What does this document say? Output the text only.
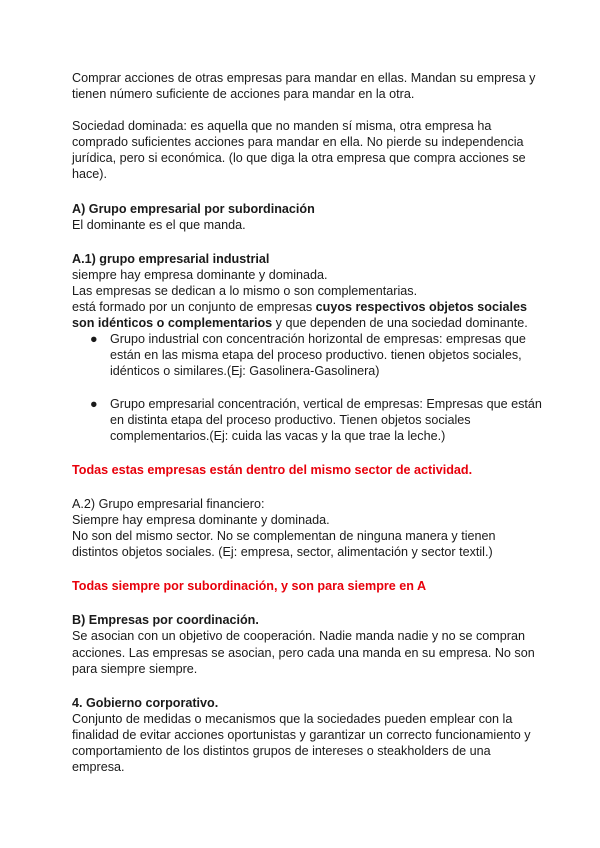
Comprar acciones de otras empresas para mandar en ellas. Mandan su empresa y tienen número suficiente de acciones para mandar en la otra.

Sociedad dominada: es aquella que no manden sí misma, otra empresa ha comprado suficientes acciones para mandar en ella. No pierde su independencia jurídica, pero si económica. (lo que diga la otra empresa que compra acciones se hace).

A) Grupo empresarial por subordinación

El dominante es el que manda.

A.1) grupo empresarial industrial

siempre hay empresa dominante y dominada.

Las empresas se dedican a lo mismo o son complementarias.

está formado por un conjunto de empresas cuyos respectivos objetos sociales son idénticos o complementarios y que dependen de una sociedad dominante.

● Grupo industrial con concentración horizontal de empresas: empresas que están en las misma etapa del proceso productivo. tienen objetos sociales, idénticos o similares.(Ej: Gasolinera-Gasolinera)
● Grupo empresarial concentración, vertical de empresas: Empresas que están en distinta etapa del proceso productivo. Tienen objetos sociales complementarios.(Ej: cuida las vacas y la que trae la leche.)

Todas estas empresas están dentro del mismo sector de actividad.

A.2) Grupo empresarial financiero:

Siempre hay empresa dominante y dominada.

No son del mismo sector. No se complementan de ninguna manera y tienen distintos objetos sociales. (Ej: empresa, sector, alimentación y sector textil.)

Todas siempre por subordinación, y son para siempre en A

B) Empresas por coordinación.

Se asocian con un objetivo de cooperación. Nadie manda nadie y no se compran acciones. Las empresas se asocian, pero cada una manda en su empresa. No son para siempre siempre.

4. Gobierno corporativo.

Conjunto de medidas o mecanismos que la sociedades pueden emplear con la finalidad de evitar acciones oportunistas y garantizar un correcto funcionamiento y comportamiento de los distintos grupos de intereses o steakholders de una empresa.
